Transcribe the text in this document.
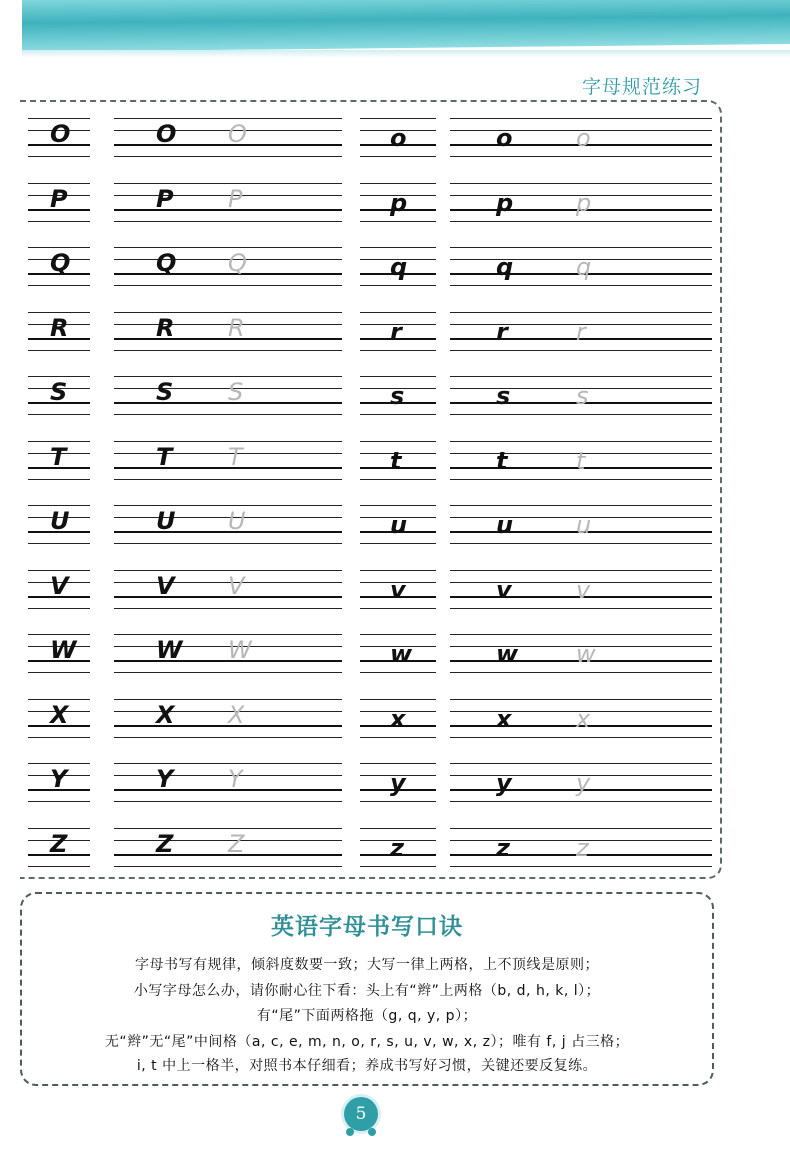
字母规范练习
O	O O	o	o	o
P	P P	p	p	p
Q	Q Q	q	q	q
R	R R	r	r	r
S	S S	s	s	s
T	T T	t	t	t
U	U U	u	u	u
V	V V	v	v	v
W	W W	w	w w
X	X X	x	x	x
Y	Y Y	y	y	y
Z	Z Z	z	z	z
英语字母书写口诀
字母书写有规律，倾斜度数要一致；大写一律上两格，上不顶线是原则；
小写字母怎么办，请你耐心往下看：头上有“辫”上两格（b, d, h, k, l）；
有“尾”下面两格拖（g, q, y, p）；
无“辫”无“尾”中间格（a, c, e, m, n, o, r, s, u, v, w, x, z）；唯有 f, j 占三格；
i, t 中上一格半，对照书本仔细看；养成书写好习惯，关键还要反复练。
5
